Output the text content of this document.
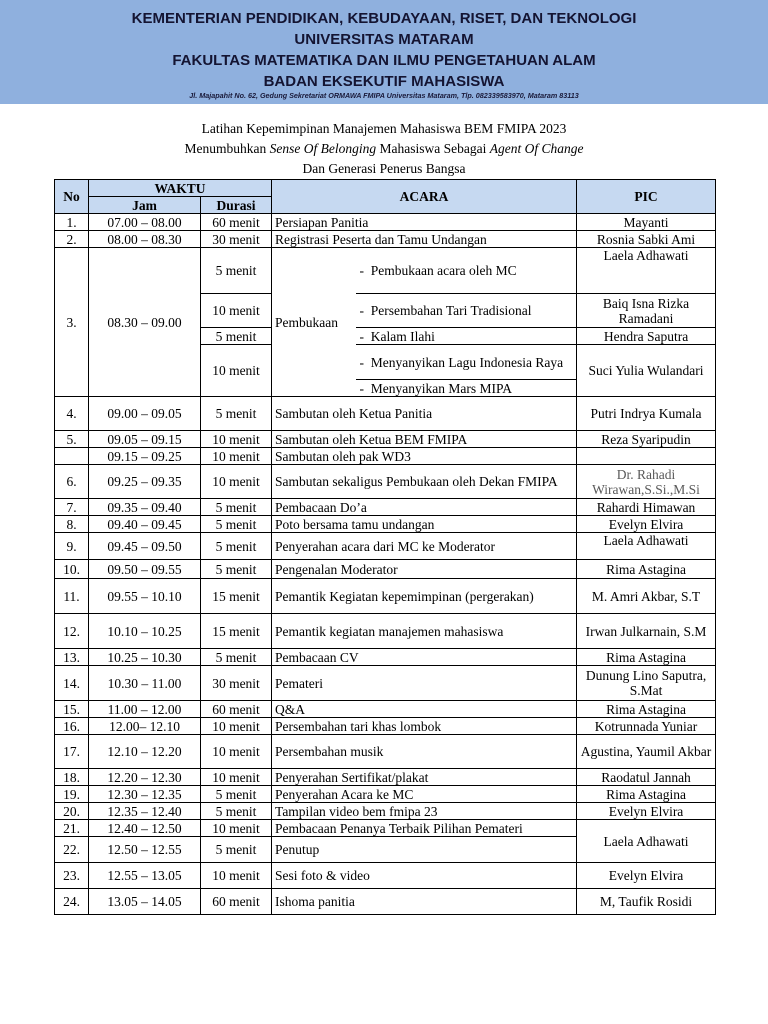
KEMENTERIAN PENDIDIKAN, KEBUDAYAAN, RISET, DAN TEKNOLOGI
UNIVERSITAS MATARAM
FAKULTAS MATEMATIKA DAN ILMU PENGETAHUAN ALAM
BADAN EKSEKUTIF MAHASISWA
Jl. Majapahit No. 62, Gedung Sekretariat ORMAWA FMIPA Universitas Mataram, Tlp. 082339583970, Mataram 83113
Latihan Kepemimpinan Manajemen Mahasiswa BEM FMIPA 2023
Menumbuhkan Sense Of Belonging Mahasiswa Sebagai Agent Of Change
Dan Generasi Penerus Bangsa
No	WAKTU		ACARA		PIC
	Jam	Durasi			
1.	07.00 – 08.00	60 menit	Persiapan Panitia		Mayanti
2.	08.00 – 08.30	30 menit	Registrasi Peserta dan Tamu Undangan		Rosnia Sabki Ami
3.	08.30 – 09.00	5 menit	Pembukaan	-  Pembukaan acara oleh MC	Laela Adhawati
		10 menit		-  Persembahan Tari Tradisional	Baiq Isna Rizka Ramadani
		5 menit		-  Kalam Ilahi	Hendra Saputra
		10 menit		- Menyanyikan Lagu Indonesia Raya	Suci Yulia Wulandari
				-  Menyanyikan Mars MIPA	
4.	09.00 – 09.05	5 menit	Sambutan oleh Ketua Panitia		Putri Indrya Kumala
5.	09.05 – 09.15	10 menit	Sambutan oleh Ketua BEM FMIPA		Reza Syaripudin
	09.15 – 09.25	10 menit	Sambutan oleh pak WD3		
6.	09.25 – 09.35	10 menit	Sambutan sekaligus Pembukaan oleh Dekan FMIPA		Dr. Rahadi Wirawan,S.Si.,M.Si
7.	09.35 – 09.40	5 menit	Pembacaan Do’a		Rahardi Himawan
8.	09.40 – 09.45	5 menit	Poto bersama tamu undangan		Evelyn Elvira
9.	09.45 – 09.50	5 menit	Penyerahan acara dari MC ke Moderator		Laela Adhawati
10.	09.50 – 09.55	5 menit	Pengenalan Moderator		Rima Astagina
11.	09.55 – 10.10	15 menit	Pemantik Kegiatan kepemimpinan (pergerakan)		M. Amri Akbar, S.T
12.	10.10 – 10.25	15 menit	Pemantik kegiatan manajemen mahasiswa		Irwan Julkarnain, S.M
13.	10.25 – 10.30	5 menit	Pembacaan CV		Rima Astagina
14.	10.30 – 11.00	30 menit	Pemateri		Dunung Lino Saputra, S.Mat
15.	11.00 – 12.00	60 menit	Q&A		Rima Astagina
16.	12.00– 12.10	10 menit	Persembahan tari khas lombok		Kotrunnada Yuniar
17.	12.10 – 12.20	10 menit	Persembahan musik		Agustina, Yaumil Akbar
18.	12.20 – 12.30	10 menit	Penyerahan Sertifikat/plakat		Raodatul Jannah
19.	12.30 – 12.35	5 menit	Penyerahan Acara ke MC		Rima Astagina
20.	12.35 – 12.40	5 menit	Tampilan video bem fmipa 23		Evelyn Elvira
21.	12.40 – 12.50	10 menit	Pembacaan Penanya Terbaik Pilihan Pemateri		Laela Adhawati
22.	12.50 – 12.55	5 menit	Penutup		
23.	12.55 – 13.05	10 menit	Sesi foto & video		Evelyn Elvira
24.	13.05 – 14.05	60 menit	Ishoma panitia		M, Taufik Rosidi
